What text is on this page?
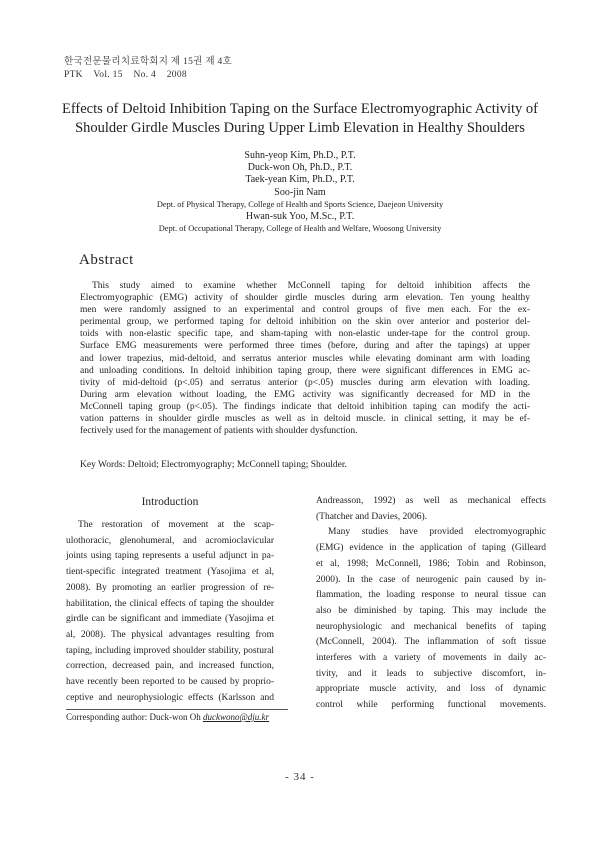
한국전문물리치료학회지 제 15권 제 4호
PTK    Vol. 15    No. 4    2008
Effects of Deltoid Inhibition Taping on the Surface Electromyographic Activity of
Shoulder Girdle Muscles During Upper Limb Elevation in Healthy Shoulders
Suhn-yeop Kim, Ph.D., P.T.
Duck-won Oh, Ph.D., P.T.
Taek-yean Kim, Ph.D., P.T.
Soo-jin Nam
Dept. of Physical Therapy, College of Health and Sports Science, Daejeon University
Hwan-suk Yoo, M.Sc., P.T.
Dept. of Occupational Therapy, College of Health and Welfare, Woosong University
Abstract
This study aimed to examine whether McConnell taping for deltoid inhibition affects the
Electromyographic (EMG) activity of shoulder girdle muscles during arm elevation. Ten young healthy
men were randomly assigned to an experimental and control groups of five men each. For the ex-
perimental group, we performed taping for deltoid inhibition on the skin over anterior and posterior del-
toids with non-elastic specific tape, and sham-taping with non-elastic under-tape for the control group.
Surface EMG measurements were performed three times (before, during and after the tapings) at upper
and lower trapezius, mid-deltoid, and serratus anterior muscles while elevating dominant arm with loading
and unloading conditions. In deltoid inhibition taping group, there were significant differences in EMG ac-
tivity of mid-deltoid (p<.05) and serratus anterior (p<.05) muscles during arm elevation with loading.
During arm elevation without loading, the EMG activity was significantly decreased for MD in the
McConnell taping group (p<.05). The findings indicate that deltoid inhibition taping can modify the acti-
vation patterns in shoulder girdle muscles as well as in deltoid muscle. in clinical setting, it may be ef-
fectively used for the management of patients with shoulder dysfunction.
Key Words: Deltoid; Electromyography; McConnell taping; Shoulder.
Introduction
The restoration of movement at the scap-
ulothoracic, glenohumeral, and acromioclavicular
joints using taping represents a useful adjunct in pa-
tient-specific integrated treatment (Yasojima et al,
2008). By promoting an earlier progression of re-
habilitation, the clinical effects of taping the shoulder
girdle can be significant and immediate (Yasojima et
al, 2008). The physical advantages resulting from
taping, including improved shoulder stability, postural
correction, decreased pain, and increased function,
have recently been reported to be caused by proprio-
ceptive and neurophysiologic effects (Karlsson and
Andreasson, 1992) as well as mechanical effects
(Thatcher and Davies, 2006).
Many studies have provided electromyographic
(EMG) evidence in the application of taping (Gilleard
et al, 1998; McConnell, 1986; Tobin and Robinson,
2000). In the case of neurogenic pain caused by in-
flammation, the loading response to neural tissue can
also be diminished by taping. This may include the
neurophysiologic and mechanical benefits of taping
(McConnell, 2004). The inflammation of soft tissue
interferes with a variety of movements in daily ac-
tivity, and it leads to subjective discomfort, in-
appropriate muscle activity, and loss of dynamic
control while performing functional movements.
Corresponding author: Duck-won Oh duckwono@dju.kr
- 34 -
